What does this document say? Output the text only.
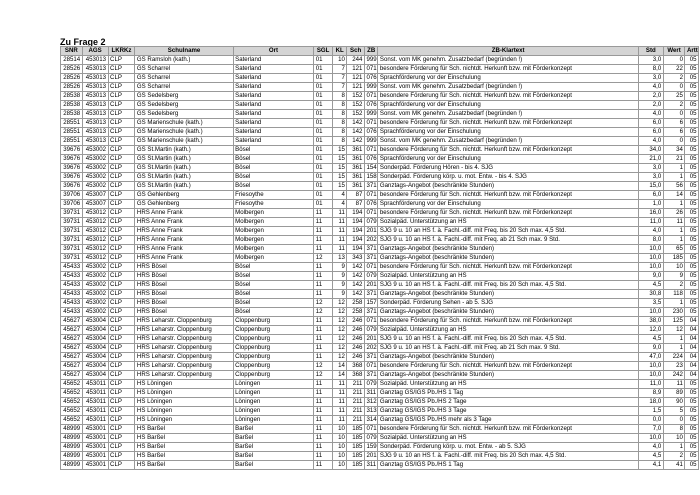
Zu Frage 2
SNR	AGS	LKRKz	Schulname	Ort	SGL	KL	Sch	ZB	ZB-Klartext	Std	Wert	Artt
28514	453013	CLP	GS Ramsloh (kath.)	Saterland	01	10	244	999	Sonst. vom MK genehm. Zusatzbedarf (begründen !)	3,0	0	05
28526	453013	CLP	GS Scharrel	Saterland	01	7	121	071	besondere Förderung für Sch. nichtdt. Herkunft bzw. mit Förderkonzept	8,0	22	05
28526	453013	CLP	GS Scharrel	Saterland	01	7	121	076	Sprachförderung vor der Einschulung	3,0	2	05
28526	453013	CLP	GS Scharrel	Saterland	01	7	121	999	Sonst. vom MK genehm. Zusatzbedarf (begründen !)	4,0	0	05
28538	453013	CLP	GS Sedelsberg	Saterland	01	8	152	071	besondere Förderung für Sch. nichtdt. Herkunft bzw. mit Förderkonzept	2,0	25	05
28538	453013	CLP	GS Sedelsberg	Saterland	01	8	152	076	Sprachförderung vor der Einschulung	2,0	2	05
28538	453013	CLP	GS Sedelsberg	Saterland	01	8	152	999	Sonst. vom MK genehm. Zusatzbedarf (begründen !)	4,0	0	05
28551	453013	CLP	GS Marienschule (kath.)	Saterland	01	8	142	071	besondere Förderung für Sch. nichtdt. Herkunft bzw. mit Förderkonzept	6,0	6	05
28551	453013	CLP	GS Marienschule (kath.)	Saterland	01	8	142	076	Sprachförderung vor der Einschulung	6,0	6	05
28551	453013	CLP	GS Marienschule (kath.)	Saterland	01	8	142	999	Sonst. vom MK genehm. Zusatzbedarf (begründen !)	4,0	0	05
39676	453002	CLP	GS St.Martin (kath.)	Bösel	01	15	361	071	besondere Förderung für Sch. nichtdt. Herkunft bzw. mit Förderkonzept	34,0	34	05
39676	453002	CLP	GS St.Martin (kath.)	Bösel	01	15	361	076	Sprachförderung vor der Einschulung	21,0	21	05
39676	453002	CLP	GS St.Martin (kath.)	Bösel	01	15	361	154	Sonderpäd. Förderung Hören - bis 4. SJG	3,0	1	05
39676	453002	CLP	GS St.Martin (kath.)	Bösel	01	15	361	158	Sonderpäd. Förderung körp. u. mot. Entw. - bis 4. SJG	3,0	1	05
39676	453002	CLP	GS St.Martin (kath.)	Bösel	01	15	361	371	Ganztags-Angebot (beschränkte Stunden)	15,0	56	05
39706	453007	CLP	GS Gehlenberg	Friesoythe	01	4	87	071	besondere Förderung für Sch. nichtdt. Herkunft bzw. mit Förderkonzept	6,0	14	05
39706	453007	CLP	GS Gehlenberg	Friesoythe	01	4	87	076	Sprachförderung vor der Einschulung	1,0	1	05
39731	453012	CLP	HRS Anne Frank	Molbergen	11	11	194	071	besondere Förderung für Sch. nichtdt. Herkunft bzw. mit Förderkonzept	16,0	26	05
39731	453012	CLP	HRS Anne Frank	Molbergen	11	11	194	079	Sozialpäd. Unterstützung an HS	11,0	11	05
39731	453012	CLP	HRS Anne Frank	Molbergen	11	11	194	201	SJG 9 u. 10 an HS f. à. Fachl.-diff. mit Freq. bis 20 Sch max. 4,5 Std.	4,0	1	05
39731	453012	CLP	HRS Anne Frank	Molbergen	11	11	194	202	SJG 9 u. 10 an HS f. à. Fachl.-diff. mit Freq. ab 21 Sch max. 9 Std.	8,0	1	05
39731	453012	CLP	HRS Anne Frank	Molbergen	11	11	194	371	Ganztags-Angebot (beschränkte Stunden)	10,0	65	05
39731	453012	CLP	HRS Anne Frank	Molbergen	12	13	343	371	Ganztags-Angebot (beschränkte Stunden)	10,0	185	05
45433	453002	CLP	HRS Bösel	Bösel	11	9	142	071	besondere Förderung für Sch. nichtdt. Herkunft bzw. mit Förderkonzept	10,0	10	05
45433	453002	CLP	HRS Bösel	Bösel	11	9	142	079	Sozialpäd. Unterstützung an HS	9,0	9	05
45433	453002	CLP	HRS Bösel	Bösel	11	9	142	201	SJG 9 u. 10 an HS f. à. Fachl.-diff. mit Freq. bis 20 Sch max. 4,5 Std.	4,5	2	05
45433	453002	CLP	HRS Bösel	Bösel	11	9	142	371	Ganztags-Angebot (beschränkte Stunden)	30,8	118	05
45433	453002	CLP	HRS Bösel	Bösel	12	12	258	157	Sonderpäd. Förderung Sehen - ab 5. SJG	3,5	1	05
45433	453002	CLP	HRS Bösel	Bösel	12	12	258	371	Ganztags-Angebot (beschränkte Stunden)	10,0	230	05
45627	453004	CLP	HRS Leharstr. Cloppenburg	Cloppenburg	11	12	246	071	besondere Förderung für Sch. nichtdt. Herkunft bzw. mit Förderkonzept	38,0	125	04
45627	453004	CLP	HRS Leharstr. Cloppenburg	Cloppenburg	11	12	246	079	Sozialpäd. Unterstützung an HS	12,0	12	04
45627	453004	CLP	HRS Leharstr. Cloppenburg	Cloppenburg	11	12	246	201	SJG 9 u. 10 an HS f. à. Fachl.-diff. mit Freq. bis 20 Sch max. 4,5 Std.	4,5	1	04
45627	453004	CLP	HRS Leharstr. Cloppenburg	Cloppenburg	11	12	246	202	SJG 9 u. 10 an HS f. à. Fachl.-diff. mit Freq. ab 21 Sch max. 9 Std.	9,0	1	04
45627	453004	CLP	HRS Leharstr. Cloppenburg	Cloppenburg	11	12	246	371	Ganztags-Angebot (beschränkte Stunden)	47,0	224	04
45627	453004	CLP	HRS Leharstr. Cloppenburg	Cloppenburg	12	14	368	071	besondere Förderung für Sch. nichtdt. Herkunft bzw. mit Förderkonzept	10,0	23	04
45627	453004	CLP	HRS Leharstr. Cloppenburg	Cloppenburg	12	14	368	371	Ganztags-Angebot (beschränkte Stunden)	10,0	242	04
45652	453011	CLP	HS Löningen	Löningen	11	11	211	079	Sozialpäd. Unterstützung an HS	11,0	11	05
45652	453011	CLP	HS Löningen	Löningen	11	11	211	311	Ganztag GS/IGS Pb./HS 1 Tag	8,9	89	05
45652	453011	CLP	HS Löningen	Löningen	11	11	211	312	Ganztag GS/IGS Pb./HS 2 Tage	18,0	90	05
45652	453011	CLP	HS Löningen	Löningen	11	11	211	313	Ganztag GS/IGS Pb./HS 3 Tage	1,5	5	05
45652	453011	CLP	HS Löningen	Löningen	11	11	211	314	Ganztag GS/IGS Pb./HS mehr als 3 Tage	0,0	0	05
48999	453001	CLP	HS Barßel	Barßel	11	10	185	071	besondere Förderung für Sch. nichtdt. Herkunft bzw. mit Förderkonzept	7,0	8	05
48999	453001	CLP	HS Barßel	Barßel	11	10	185	079	Sozialpäd. Unterstützung an HS	10,0	10	05
48999	453001	CLP	HS Barßel	Barßel	11	10	185	159	Sonderpäd. Förderung körp. u. mot. Entw. - ab 5. SJG	4,0	1	05
48999	453001	CLP	HS Barßel	Barßel	11	10	185	201	SJG 9 u. 10 an HS f. à. Fachl.-diff. mit Freq. bis 20 Sch max. 4,5 Std.	4,5	2	05
48999	453001	CLP	HS Barßel	Barßel	11	10	185	311	Ganztag GS/IGS Pb./HS 1 Tag	4,1	41	05
